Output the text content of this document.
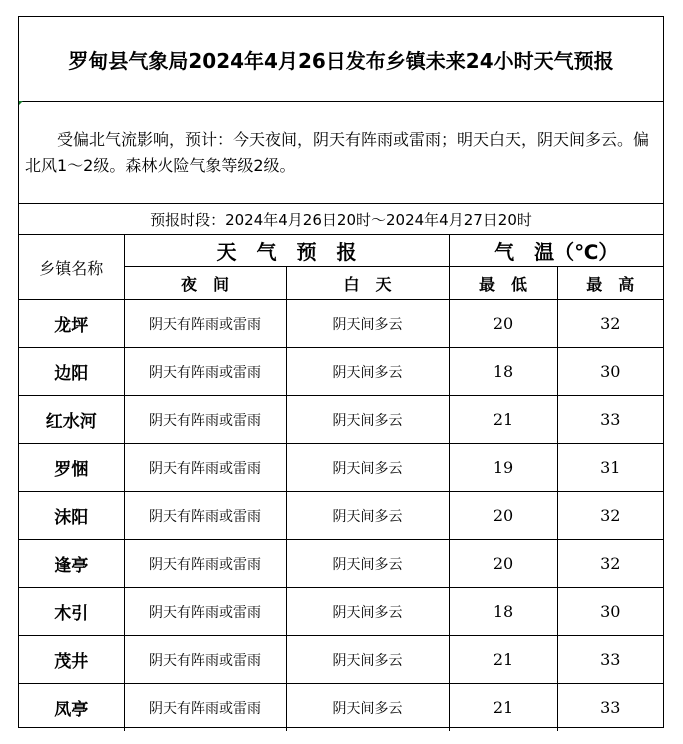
罗甸县气象局2024年4月26日发布乡镇未来24小时天气预报

受偏北气流影响，预计：今天夜间，阴天有阵雨或雷雨；明天白天，阴天间多云。偏北风1～2级。森林火险气象等级2级。

预报时段：2024年4月26日20时～2024年4月27日20时
乡镇名称	天　气　预　报		气　温（℃）	
	夜　间	白　天	最　低	最　高
龙坪	阴天有阵雨或雷雨	阴天间多云	20	32
边阳	阴天有阵雨或雷雨	阴天间多云	18	30
红水河	阴天有阵雨或雷雨	阴天间多云	21	33
罗悃	阴天有阵雨或雷雨	阴天间多云	19	31
沫阳	阴天有阵雨或雷雨	阴天间多云	20	32
逢亭	阴天有阵雨或雷雨	阴天间多云	20	32
木引	阴天有阵雨或雷雨	阴天间多云	18	30
茂井	阴天有阵雨或雷雨	阴天间多云	21	33
凤亭	阴天有阵雨或雷雨	阴天间多云	21	33
